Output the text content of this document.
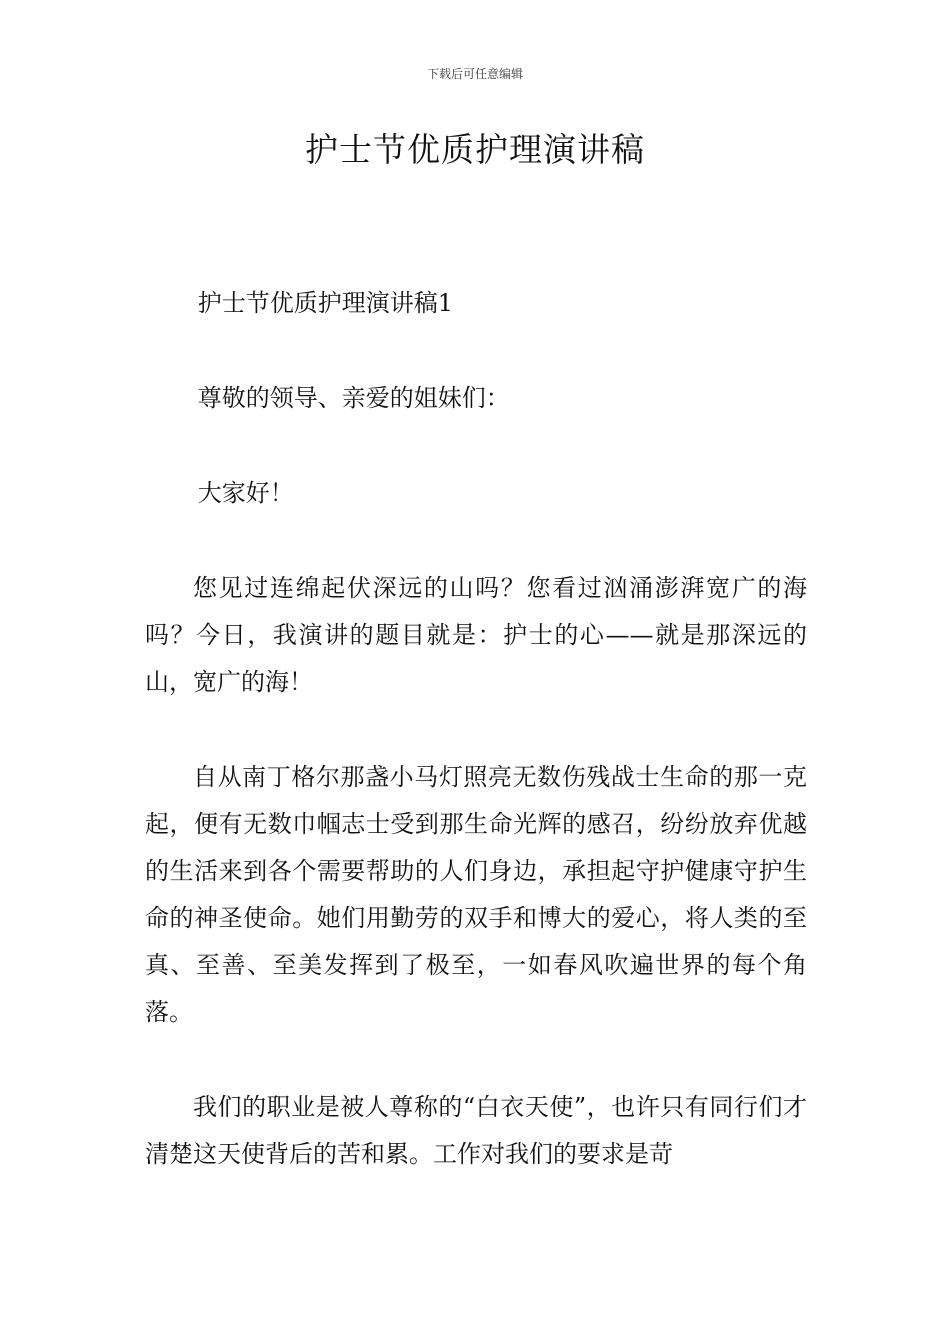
下载后可任意编辑
护士节优质护理演讲稿

护士节优质护理演讲稿1

尊敬的领导、亲爱的姐妹们：

大家好！

您见过连绵起伏深远的山吗？您看过汹涌澎湃宽广的海吗？今日，我演讲的题目就是：护士的心——就是那深远的山，宽广的海！

自从南丁格尔那盏小马灯照亮无数伤残战士生命的那一克起，便有无数巾帼志士受到那生命光辉的感召，纷纷放弃优越的生活来到各个需要帮助的人们身边，承担起守护健康守护生命的神圣使命。她们用勤劳的双手和博大的爱心，将人类的至真、至善、至美发挥到了极至，一如春风吹遍世界的每个角落。

我们的职业是被人尊称的“白衣天使”，也许只有同行们才清楚这天使背后的苦和累。工作对我们的要求是苛
